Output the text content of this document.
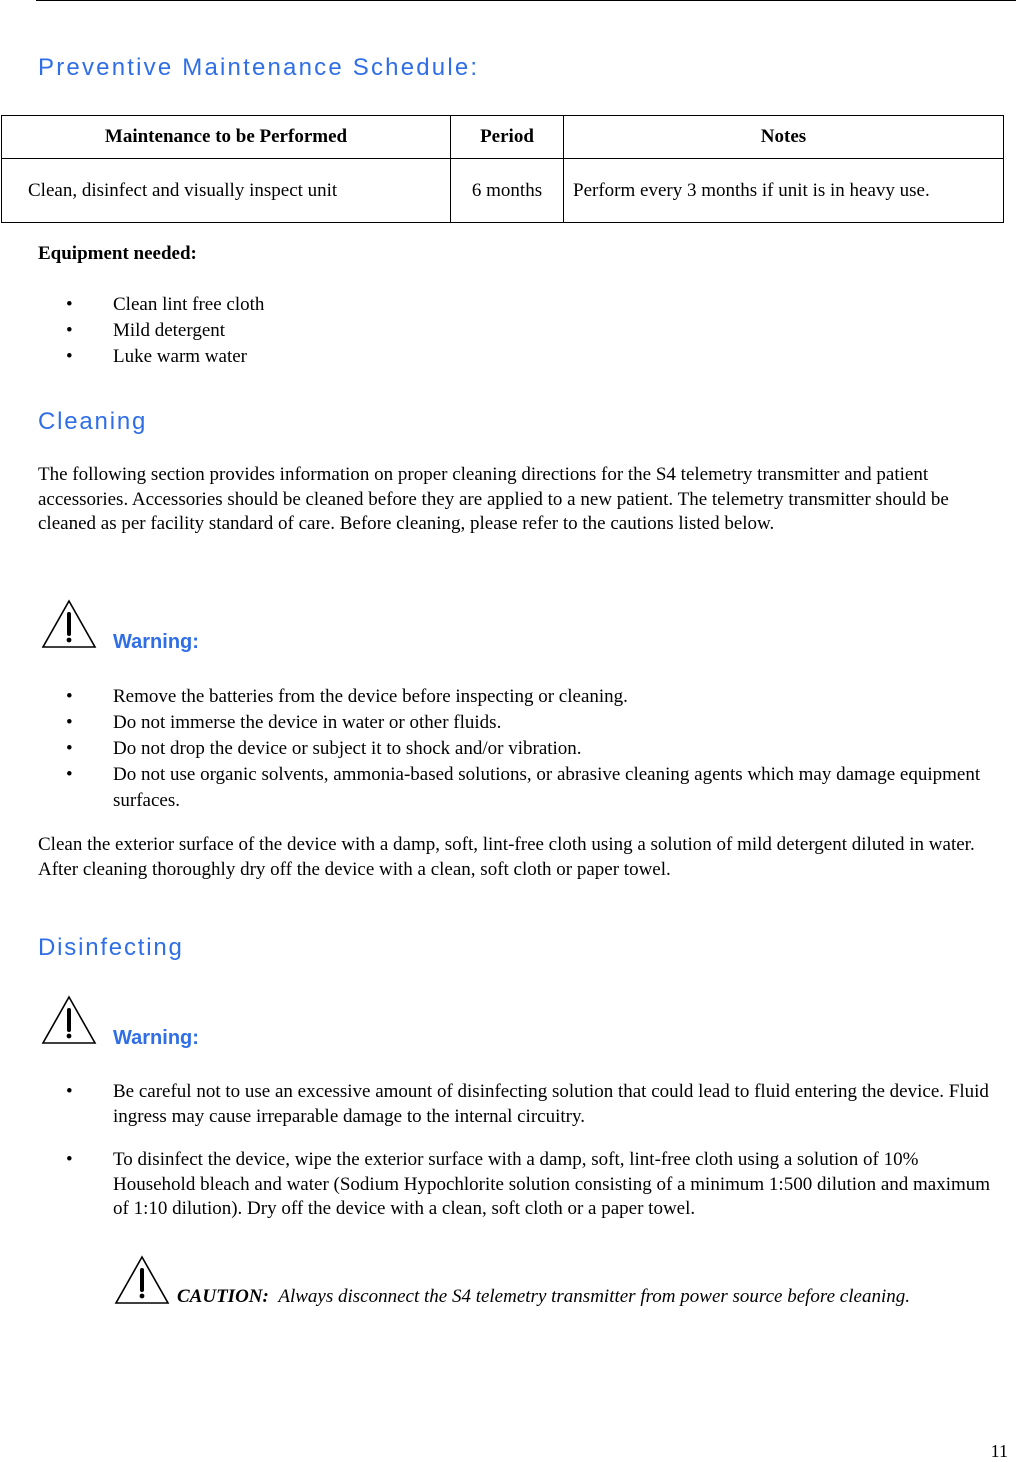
Preventive Maintenance Schedule:
Maintenance to be Performed	Period	Notes
Clean, disinfect and visually inspect unit	6 months	Perform every 3 months if unit is in heavy use.
Equipment needed:
• Clean lint free cloth
• Mild detergent
• Luke warm water
Cleaning

The following section provides information on proper cleaning directions for the S4 telemetry transmitter and patient accessories. Accessories should be cleaned before they are applied to a new patient. The telemetry transmitter should be cleaned as per facility standard of care. Before cleaning, please refer to the cautions listed below.

Warning:
• Remove the batteries from the device before inspecting or cleaning.
• Do not immerse the device in water or other fluids.
• Do not drop the device or subject it to shock and/or vibration.
• Do not use organic solvents, ammonia-based solutions, or abrasive cleaning agents which may damage equipment surfaces.

Clean the exterior surface of the device with a damp, soft, lint-free cloth using a solution of mild detergent diluted in water. After cleaning thoroughly dry off the device with a clean, soft cloth or paper towel.

Disinfecting
Warning:
• Be careful not to use an excessive amount of disinfecting solution that could lead to fluid entering the device. Fluid ingress may cause irreparable damage to the internal circuitry.
• To disinfect the device, wipe the exterior surface with a damp, soft, lint-free cloth using a solution of 10% Household bleach and water (Sodium Hypochlorite solution consisting of a minimum 1:500 dilution and maximum of 1:10 dilution). Dry off the device with a clean, soft cloth or a paper towel.
CAUTION: Always disconnect the S4 telemetry transmitter from power source before cleaning.
11
